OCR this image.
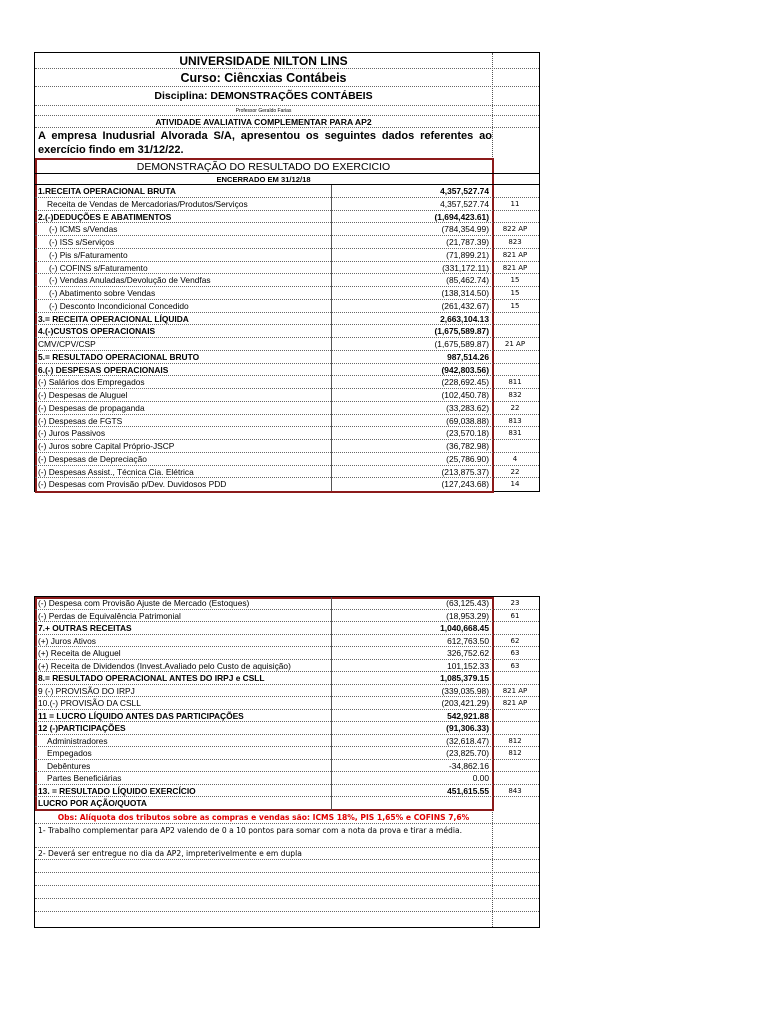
UNIVERSIDADE NILTON LINS
Curso: Ciêncxias Contábeis
Disciplina: DEMONSTRAÇÕES CONTÁBEIS
Professor Geraldo Farias
ATIVIDADE AVALIATIVA COMPLEMENTAR PARA AP2
A empresa Inudusrial Alvorada S/A, apresentou os seguintes dados referentes ao exercício findo em 31/12/22.
DEMONSTRAÇÃO DO RESULTADO DO EXERCICIO
ENCERRADO EM 31/12/18
1.RECEITA OPERACIONAL BRUTA	4,357,527.74
Receita de Vendas de Mercadorias/Produtos/Serviços	4,357,527.74	11
2.(-)DEDUÇÕES E ABATIMENTOS	(1,694,423.61)
(-) ICMS s/Vendas	(784,354.99)	822 AP
(-) ISS s/Serviços	(21,787.39)	823
(-) Pis s/Faturamento	(71,899.21)	821 AP
(-) COFINS s/Faturamento	(331,172.11)	821 AP
(-) Vendas Anuladas/Devolução de Vendfas	(85,462.74)	15
(-) Abatimento sobre Vendas	(138,314.50)	15
(-) Desconto Incondicional Concedido	(261,432.67)	15
3.= RECEITA OPERACIONAL LÍQUIDA	2,663,104.13
4.(-)CUSTOS OPERACIONAIS	(1,675,589.87)
CMV/CPV/CSP	(1,675,589.87)	21 AP
5.= RESULTADO OPERACIONAL BRUTO	987,514.26
6.(-) DESPESAS OPERACIONAIS	(942,803.56)
(-) Salários dos Empregados	(228,692.45)	811
(-) Despesas de Aluguel	(102,450.78)	832
(-) Despesas de propaganda	(33,283.62)	22
(-) Despesas de FGTS	(69,038.88)	813
(-) Juros Passivos	(23,570.18)	831
(-) Juros sobre Capital Próprio-JSCP	(36,782.98)
(-) Despesas de Depreciação	(25,786.90)	4
(-) Despesas Assist., Técnica Cia. Elétrica	(213,875.37)	22
(-) Despesas com Provisão p/Dev. Duvidosos PDD	(127,243.68)	14
(-) Despesa com Provisão Ajuste de Mercado (Estoques)	(63,125.43)	23
(-) Perdas de Equivalência Patrimonial	(18,953.29)	61
7.+ OUTRAS RECEITAS	1,040,668.45
(+) Juros Ativos	612,763.50	62
(+) Receita de Aluguel	326,752.62	63
(+) Receita de Dividendos (Invest.Avaliado pelo Custo de aquisição)	101,152.33	63
8.= RESULTADO OPERACIONAL ANTES DO IRPJ e CSLL	1,085,379.15
9 (-) PROVISÃO DO IRPJ	(339,035.98)	821 AP
10.(-) PROVISÃO DA CSLL	(203,421.29)	821 AP
11 = LUCRO LÍQUIDO ANTES DAS PARTICIPAÇÕES	542,921.88
12 (-)PARTICIPAÇÕES	(91,306.33)
Administradores	(32,618.47)	812
Empegados	(23,825.70)	812
Debêntures	-34,862.16
Partes Beneficiárias	0.00
13. = RESULTADO LÍQUIDO EXERCÍCIO	451,615.55	843
LUCRO POR AÇÃO/QUOTA
Obs: Alíquota dos tributos sobre as compras e vendas são: ICMS 18%, PIS 1,65% e COFINS 7,6%
1- Trabalho complementar para AP2 valendo de 0 a 10 pontos para somar com a nota da prova e tirar a média.
2- Deverá ser entregue no dia da AP2, impreterivelmente e em dupla
